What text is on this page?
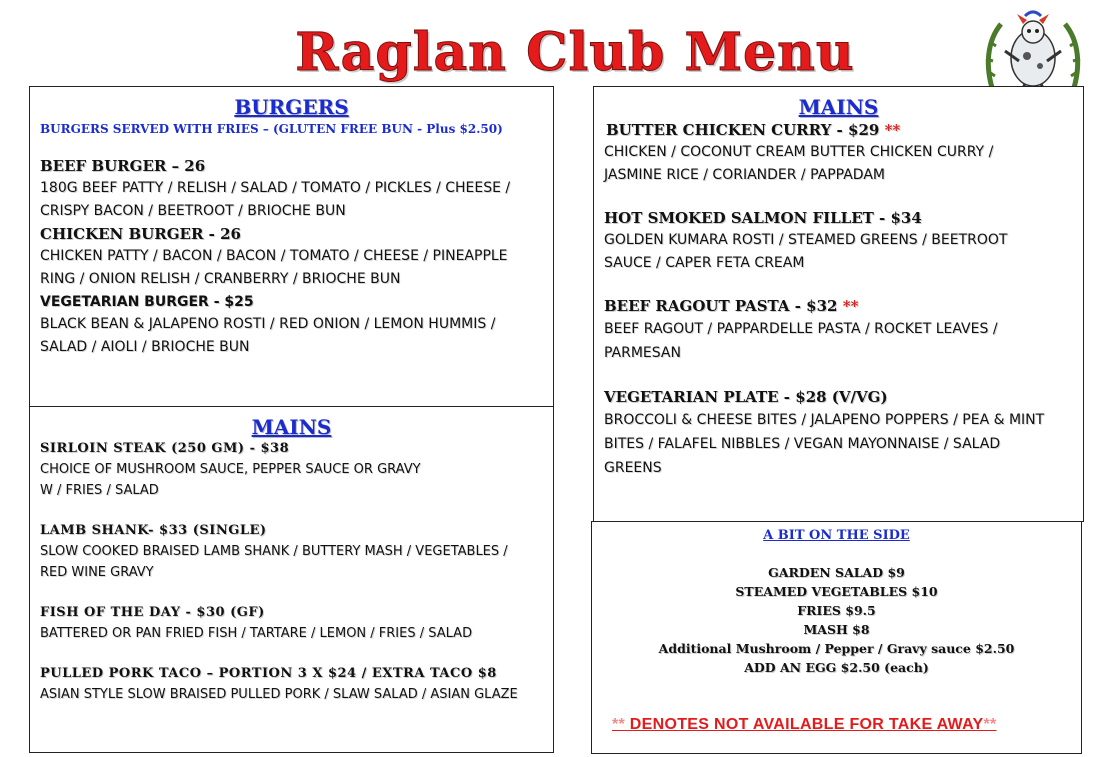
Raglan Club Menu
BURGERS
BURGERS SERVED WITH FRIES – (GLUTEN FREE BUN - Plus $2.50)
BEEF BURGER – 26
180G BEEF PATTY / RELISH / SALAD / TOMATO / PICKLES / CHEESE /
CRISPY BACON / BEETROOT / BRIOCHE BUN
CHICKEN BURGER - 26
CHICKEN PATTY / BACON / BACON / TOMATO / CHEESE / PINEAPPLE
RING / ONION RELISH / CRANBERRY / BRIOCHE BUN
VEGETARIAN BURGER - $25
BLACK BEAN & JALAPENO ROSTI / RED ONION / LEMON HUMMIS /
SALAD / AIOLI / BRIOCHE BUN
MAINS
SIRLOIN STEAK (250 GM) - $38
CHOICE OF MUSHROOM SAUCE, PEPPER SAUCE OR GRAVY
W / FRIES / SALAD
LAMB SHANK- $33 (SINGLE)
SLOW COOKED BRAISED LAMB SHANK / BUTTERY MASH / VEGETABLES /
RED WINE GRAVY
FISH OF THE DAY - $30 (GF)
BATTERED OR PAN FRIED FISH / TARTARE / LEMON / FRIES / SALAD
PULLED PORK TACO – PORTION 3 X $24 / EXTRA TACO $8
ASIAN STYLE SLOW BRAISED PULLED PORK / SLAW SALAD / ASIAN GLAZE
MAINS
BUTTER CHICKEN CURRY - $29 **
CHICKEN / COCONUT CREAM BUTTER CHICKEN CURRY /
JASMINE RICE / CORIANDER / PAPPADAM
HOT SMOKED SALMON FILLET - $34
GOLDEN KUMARA ROSTI / STEAMED GREENS / BEETROOT
SAUCE / CAPER FETA CREAM
BEEF RAGOUT PASTA - $32 **
BEEF RAGOUT / PAPPARDELLE PASTA / ROCKET LEAVES /
PARMESAN
VEGETARIAN PLATE - $28 (V/VG)
BROCCOLI & CHEESE BITES / JALAPENO POPPERS / PEA & MINT
BITES / FALAFEL NIBBLES / VEGAN MAYONNAISE / SALAD
GREENS
A BIT ON THE SIDE
GARDEN SALAD $9
STEAMED VEGETABLES $10
FRIES $9.5
MASH $8
Additional Mushroom / Pepper / Gravy sauce $2.50
ADD AN EGG $2.50 (each)
** DENOTES NOT AVAILABLE FOR TAKE AWAY**
